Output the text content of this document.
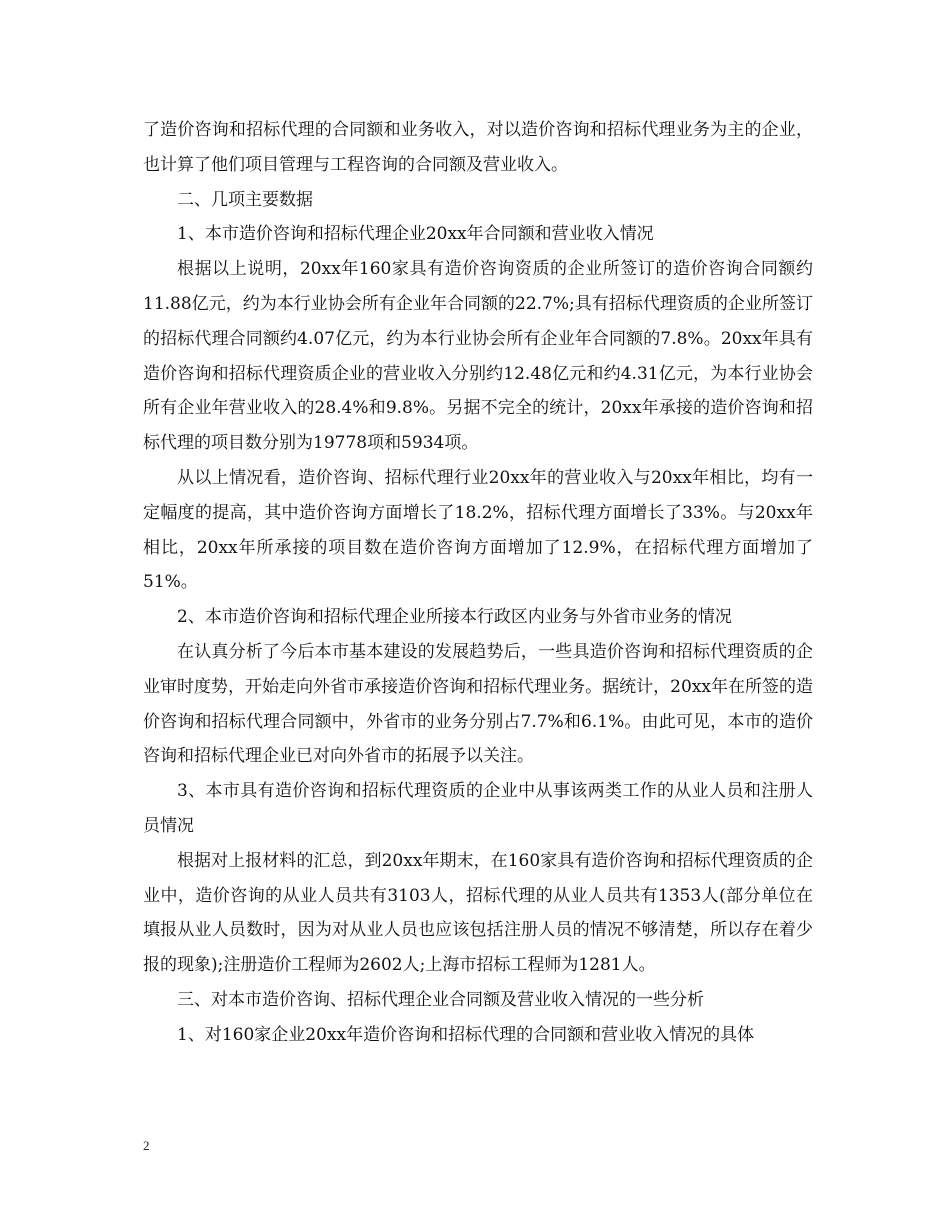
了造价咨询和招标代理的合同额和业务收入，对以造价咨询和招标代理业务为主的企业，也计算了他们项目管理与工程咨询的合同额及营业收入。

二、几项主要数据

1、本市造价咨询和招标代理企业20xx年合同额和营业收入情况

根据以上说明，20xx年160家具有造价咨询资质的企业所签订的造价咨询合同额约11.88亿元，约为本行业协会所有企业年合同额的22.7%;具有招标代理资质的企业所签订的招标代理合同额约4.07亿元，约为本行业协会所有企业年合同额的7.8%。20xx年具有造价咨询和招标代理资质企业的营业收入分别约12.48亿元和约4.31亿元，为本行业协会所有企业年营业收入的28.4%和9.8%。另据不完全的统计，20xx年承接的造价咨询和招标代理的项目数分别为19778项和5934项。

从以上情况看，造价咨询、招标代理行业20xx年的营业收入与20xx年相比，均有一定幅度的提高，其中造价咨询方面增长了18.2%，招标代理方面增长了33%。与20xx年相比，20xx年所承接的项目数在造价咨询方面增加了12.9%，在招标代理方面增加了51%。

2、本市造价咨询和招标代理企业所接本行政区内业务与外省市业务的情况

在认真分析了今后本市基本建设的发展趋势后，一些具造价咨询和招标代理资质的企业审时度势，开始走向外省市承接造价咨询和招标代理业务。据统计，20xx年在所签的造价咨询和招标代理合同额中，外省市的业务分别占7.7%和6.1%。由此可见，本市的造价咨询和招标代理企业已对向外省市的拓展予以关注。

3、本市具有造价咨询和招标代理资质的企业中从事该两类工作的从业人员和注册人员情况

根据对上报材料的汇总，到20xx年期末，在160家具有造价咨询和招标代理资质的企业中，造价咨询的从业人员共有3103人，招标代理的从业人员共有1353人(部分单位在填报从业人员数时，因为对从业人员也应该包括注册人员的情况不够清楚，所以存在着少报的现象);注册造价工程师为2602人;上海市招标工程师为1281人。

三、对本市造价咨询、招标代理企业合同额及营业收入情况的一些分析

1、对160家企业20xx年造价咨询和招标代理的合同额和营业收入情况的具体

2
